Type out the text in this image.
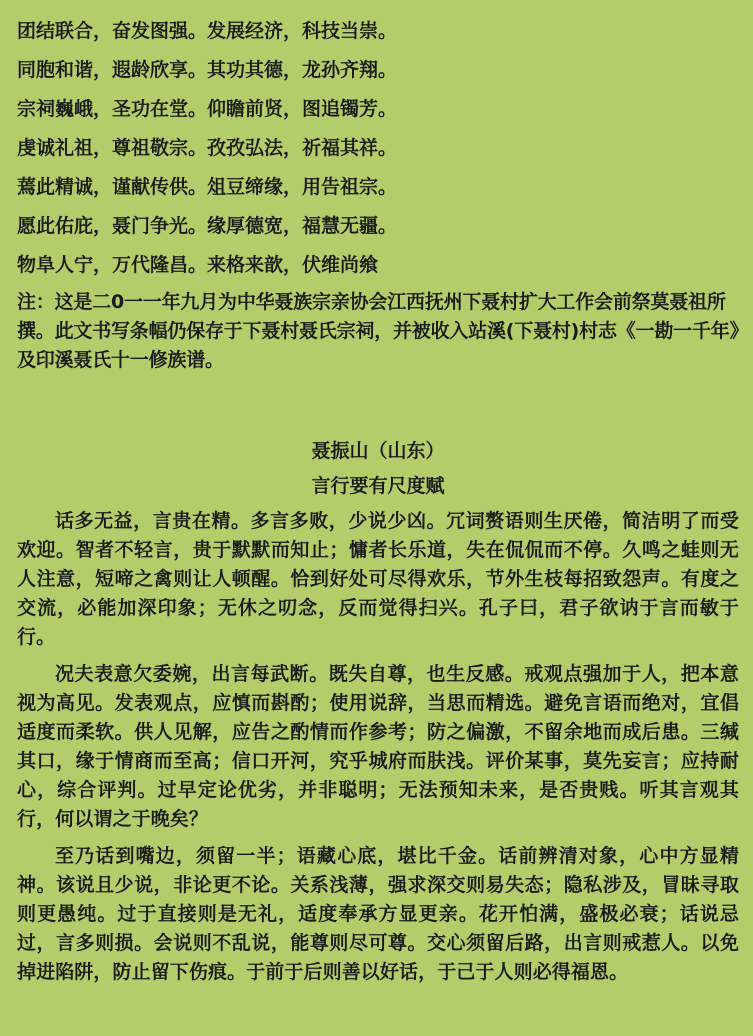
团结联合，奋发图强。发展经济，科技当崇。

同胞和谐，遐龄欣享。其功其德，龙孙齐翔。

宗祠巍峨，圣功在堂。仰瞻前贤，图追镯芳。

虔诚礼祖，尊祖敬宗。孜孜弘法，祈福其祥。

蔫此精诚，谨献传供。俎豆缔缘，用告祖宗。

愿此佑庇，聂门争光。缘厚德宽，福慧无疆。

物阜人宁，万代隆昌。来格来歆，伏维尚飨

注：这是二0一一年九月为中华聂族宗亲协会江西抚州下聂村扩大工作会前祭莫聂祖所撰。此文书写条幅仍保存于下聂村聂氏宗祠，并被收入站溪(下聂村)村志《一勘一千年》及印溪聂氏十一修族谱。

聂振山（山东）

言行要有尺度赋

话多无益，言贵在精。多言多败，少说少凶。冗词赘语则生厌倦，简洁明了而受欢迎。智者不轻言，贵于默默而知止；慵者长乐道，失在侃侃而不停。久鸣之蛙则无人注意，短啼之禽则让人顿醒。恰到好处可尽得欢乐，节外生枝每招致怨声。有度之交流，必能加深印象；无休之叨念，反而觉得扫兴。孔子曰，君子欲讷于言而敏于行。

况夫表意欠委婉，出言每武断。既失自尊，也生反感。戒观点强加于人，把本意视为高见。发表观点，应慎而斟酌；使用说辞，当思而精选。避免言语而绝对，宜倡适度而柔软。供人见解，应告之酌情而作参考；防之偏激，不留余地而成后患。三缄其口，缘于情商而至高；信口开河，究乎城府而肤浅。评价某事，莫先妄言；应持耐心，综合评判。过早定论优劣，并非聪明；无法预知未来，是否贵贱。听其言观其行，何以谓之于晚矣？

至乃话到嘴边，须留一半；语藏心底，堪比千金。话前辨清对象，心中方显精神。该说且少说，非论更不论。关系浅薄，强求深交则易失态；隐私涉及，冒昧寻取则更愚纯。过于直接则是无礼，适度奉承方显更亲。花开怕满，盛极必衰；话说忌过，言多则损。会说则不乱说，能尊则尽可尊。交心须留后路，出言则戒惹人。以免掉进陷阱，防止留下伤痕。于前于后则善以好话，于己于人则必得福恩。
